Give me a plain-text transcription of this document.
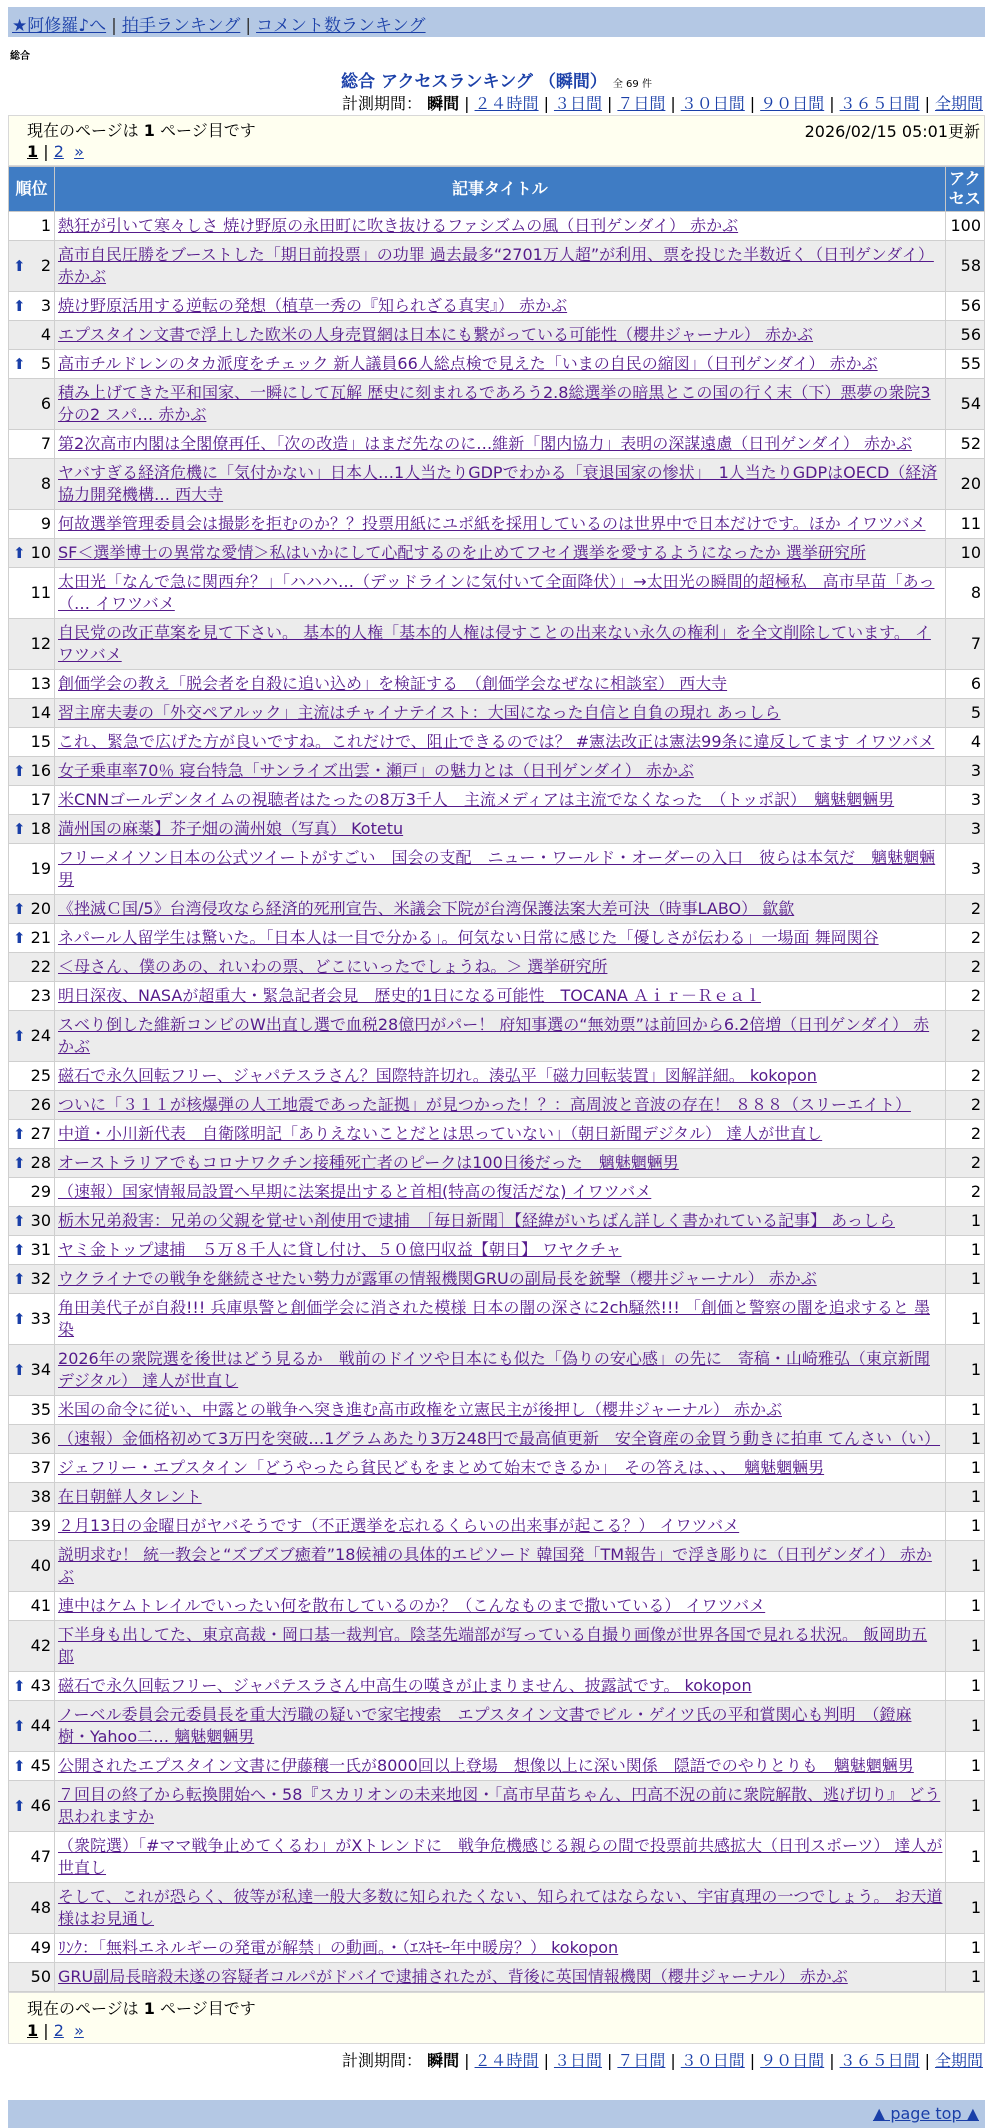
★阿修羅♪へ | 拍手ランキング | コメント数ランキング
総合
総合 アクセスランキング （瞬間） 全 69 件
計測期間： 瞬間 | ２４時間 | ３日間 | ７日間 | ３０日間 | ９０日間 | ３６５日間 | 全期間
現在のページは 1 ページ目です	2026/02/15 05:01更新
1 | 2 »
順位	記事タイトル	アクセス
1	熱狂が引いて寒々しさ 焼け野原の永田町に吹き抜けるファシズムの風（日刊ゲンダイ） 赤かぶ	100

⬆ 2	高市自民圧勝をブーストした「期日前投票」の功罪 過去最多“2701万人超”が利用、票を投じた半数近く（日刊ゲンダイ） 赤かぶ	58

⬆ 3	焼け野原活用する逆転の発想（植草一秀の『知られざる真実』） 赤かぶ	56
4	エプスタイン文書で浮上した欧米の人身売買網は日本にも繋がっている可能性（櫻井ジャーナル） 赤かぶ	56

⬆ 5	高市チルドレンのタカ派度をチェック 新人議員66人総点検で見えた「いまの自民の縮図」（日刊ゲンダイ） 赤かぶ	55
6	積み上げてきた平和国家、一瞬にして瓦解 歴史に刻まれるであろう2.8総選挙の暗黒とこの国の行く末（下）悪夢の衆院3分の2 スパ… 赤かぶ	54
7	第2次高市内閣は全閣僚再任、「次の改造」はまだ先なのに…維新「閣内協力」表明の深謀遠慮（日刊ゲンダイ） 赤かぶ	52
8	ヤバすぎる経済危機に「気付かない」日本人…1人当たりGDPでわかる「衰退国家の惨状」　1人当たりGDPはOECD（経済協力開発機構… 西大寺	20
9	何故選挙管理委員会は撮影を拒むのか？？投票用紙にユポ紙を採用しているのは世界中で日本だけです。ほか イワツバメ	11

⬆ 10	SF＜選挙博士の異常な愛情＞私はいかにして心配するのを止めてフセイ選挙を愛するようになったか 選挙研究所	10
11	太田光「なんで急に関西弁？」「ハハハ…（デッドラインに気付いて全面降伏）」→太田光の瞬間的超極私　高市早苗「あっ（… イワツバメ	8
12	自民党の改正草案を見て下さい。 基本的人権「基本的人権は侵すことの出来ない永久の権利」を全文削除しています。 イワツバメ	7
13	創価学会の教え「脱会者を自殺に追い込め」を検証する　（創価学会なぜなに相談室） 西大寺	6
14	習主席夫妻の「外交ペアルック」主流はチャイナテイスト：大国になった自信と自負の現れ あっしら	5
15	これ、緊急で広げた方が良いですね。これだけで、阻止できるのでは？ #憲法改正は憲法99条に違反してます イワツバメ	4

⬆ 16	女子乗車率70％ 寝台特急「サンライズ出雲・瀬戸」の魅力とは（日刊ゲンダイ） 赤かぶ	3
17	米CNNゴールデンタイムの視聴者はたったの8万3千人　主流メディアは主流でなくなった　（トッポ訳）　魑魅魍魎男	3

⬆ 18	満州国の麻薬】芥子畑の満州娘（写真） Kotetu	3
19	フリーメイソン日本の公式ツイートがすごい　国会の支配　ニュー・ワールド・オーダーの入口　彼らは本気だ　魑魅魍魎男	3

⬆ 20	《挫滅Ｃ国/5》台湾侵攻なら経済的死刑宣告、米議会下院が台湾保護法案大差可決（時事LABO） 歙歙	2

⬆ 21	ネパール人留学生は驚いた。「日本人は一目で分かる」。何気ない日常に感じた「優しさが伝わる」一場面 舞岡関谷	2
22	＜母さん、僕のあの、れいわの票、どこにいったでしょうね。＞ 選挙研究所	2
23	明日深夜、NASAが超重大・緊急記者会見　歴史的1日になる可能性　TOCANA Ａｉｒ－Ｒｅａｌ	2

⬆ 24	スベり倒した維新コンビのW出直し選で血税28億円がパー！ 府知事選の“無効票”は前回から6.2倍増（日刊ゲンダイ） 赤かぶ	2
25	磁石で永久回転フリー、ジャパテスラさん？国際特許切れ。湊弘平「磁力回転装置」図解詳細。 kokopon	2
26	ついに「３１１が核爆弾の人工地震であった証拠」が見つかった！？：高周波と音波の存在！ ８８８（スリーエイト）	2

⬆ 27	中道・小川新代表　自衛隊明記「ありえないことだとは思っていない」（朝日新聞デジタル） 達人が世直し	2

⬆ 28	オーストラリアでもコロナワクチン接種死亡者のピークは100日後だった　魑魅魍魎男	2
29	（速報）国家情報局設置へ早期に法案提出すると首相(特高の復活だな) イワツバメ	2

⬆ 30	栃木兄弟殺害：兄弟の父親を覚せい剤使用で逮捕　［毎日新聞］【経緯がいちばん詳しく書かれている記事】 あっしら	1

⬆ 31	ヤミ金トップ逮捕　５万８千人に貸し付け、５０億円収益【朝日】 ワヤクチャ	1

⬆ 32	ウクライナでの戦争を継続させたい勢力が露軍の情報機関GRUの副局長を銃撃（櫻井ジャーナル） 赤かぶ	1

⬆ 33	角田美代子が自殺!!! 兵庫県警と創価学会に消された模様 日本の闇の深さに2ch騒然!!! 「創価と警察の闇を追求すると 墨染	1

⬆ 34	2026年の衆院選を後世はどう見るか　戦前のドイツや日本にも似た「偽りの安心感」の先に　寄稿・山崎雅弘（東京新聞デジタル） 達人が世直し	1
35	米国の命令に従い、中露との戦争へ突き進む高市政権を立憲民主が後押し（櫻井ジャーナル） 赤かぶ	1
36	（速報）金価格初めて3万円を突破…1グラムあたり3万248円で最高値更新　安全資産の金買う動きに拍車 てんさい（い）	1
37	ジェフリー・エプスタイン「どうやったら貧民どもをまとめて始末できるか」　その答えは、、、　魑魅魍魎男	1
38	在日朝鮮人タレント	1
39	２月13日の金曜日がヤバそうです（不正選挙を忘れるくらいの出来事が起こる？） イワツバメ	1
40	説明求む！ 統一教会と“ズブズブ癒着”18候補の具体的エピソード 韓国発「TM報告」で浮き彫りに（日刊ゲンダイ） 赤かぶ	1
41	連中はケムトレイルでいったい何を散布しているのか？（こんなものまで撒いている） イワツバメ	1
42	下半身も出してた、東京高裁・岡口基一裁判官。陰茎先端部が写っている自撮り画像が世界各国で見れる状況。 飯岡助五郎	1

⬆ 43	磁石で永久回転フリー、ジャパテスラさん中高生の嘆きが止まりません、披露試です。 kokopon	1

⬆ 44	ノーベル委員会元委員長を重大汚職の疑いで家宅捜索　エプスタイン文書でビル・ゲイツ氏の平和賞関心も判明　（鐙麻樹・Yahoo二… 魑魅魍魎男	1

⬆ 45	公開されたエプスタイン文書に伊藤穰一氏が8000回以上登場　想像以上に深い関係　隠語でのやりとりも　魑魅魍魎男	1

⬆ 46	７回目の終了から転換開始へ・58『スカリオンの未来地図・「高市早苗ちゃん、円高不況の前に衆院解散、逃げ切り』 どう思われますか	1
47	（衆院選）「#ママ戦争止めてくるわ」がXトレンドに　戦争危機感じる親らの間で投票前共感拡大（日刊スポーツ） 達人が世直し	1
48	そして、これが恐らく、彼等が私達一般大多数に知られたくない、知られてはならない、宇宙真理の一つでしょう。 お天道様はお見通し	1
49	ﾘﾝｸ：「無料エネルギーの発電が解禁」の動画。・（ｴｽｷﾓｰ年中暖房？） kokopon	1
50	GRU副局長暗殺未遂の容疑者コルパがドバイで逮捕されたが、背後に英国情報機関（櫻井ジャーナル） 赤かぶ	1
現在のページは 1 ページ目です
1 | 2 »
計測期間： 瞬間 | ２４時間 | ３日間 | ７日間 | ３０日間 | ９０日間 | ３６５日間 | 全期間
▲ page top ▲
